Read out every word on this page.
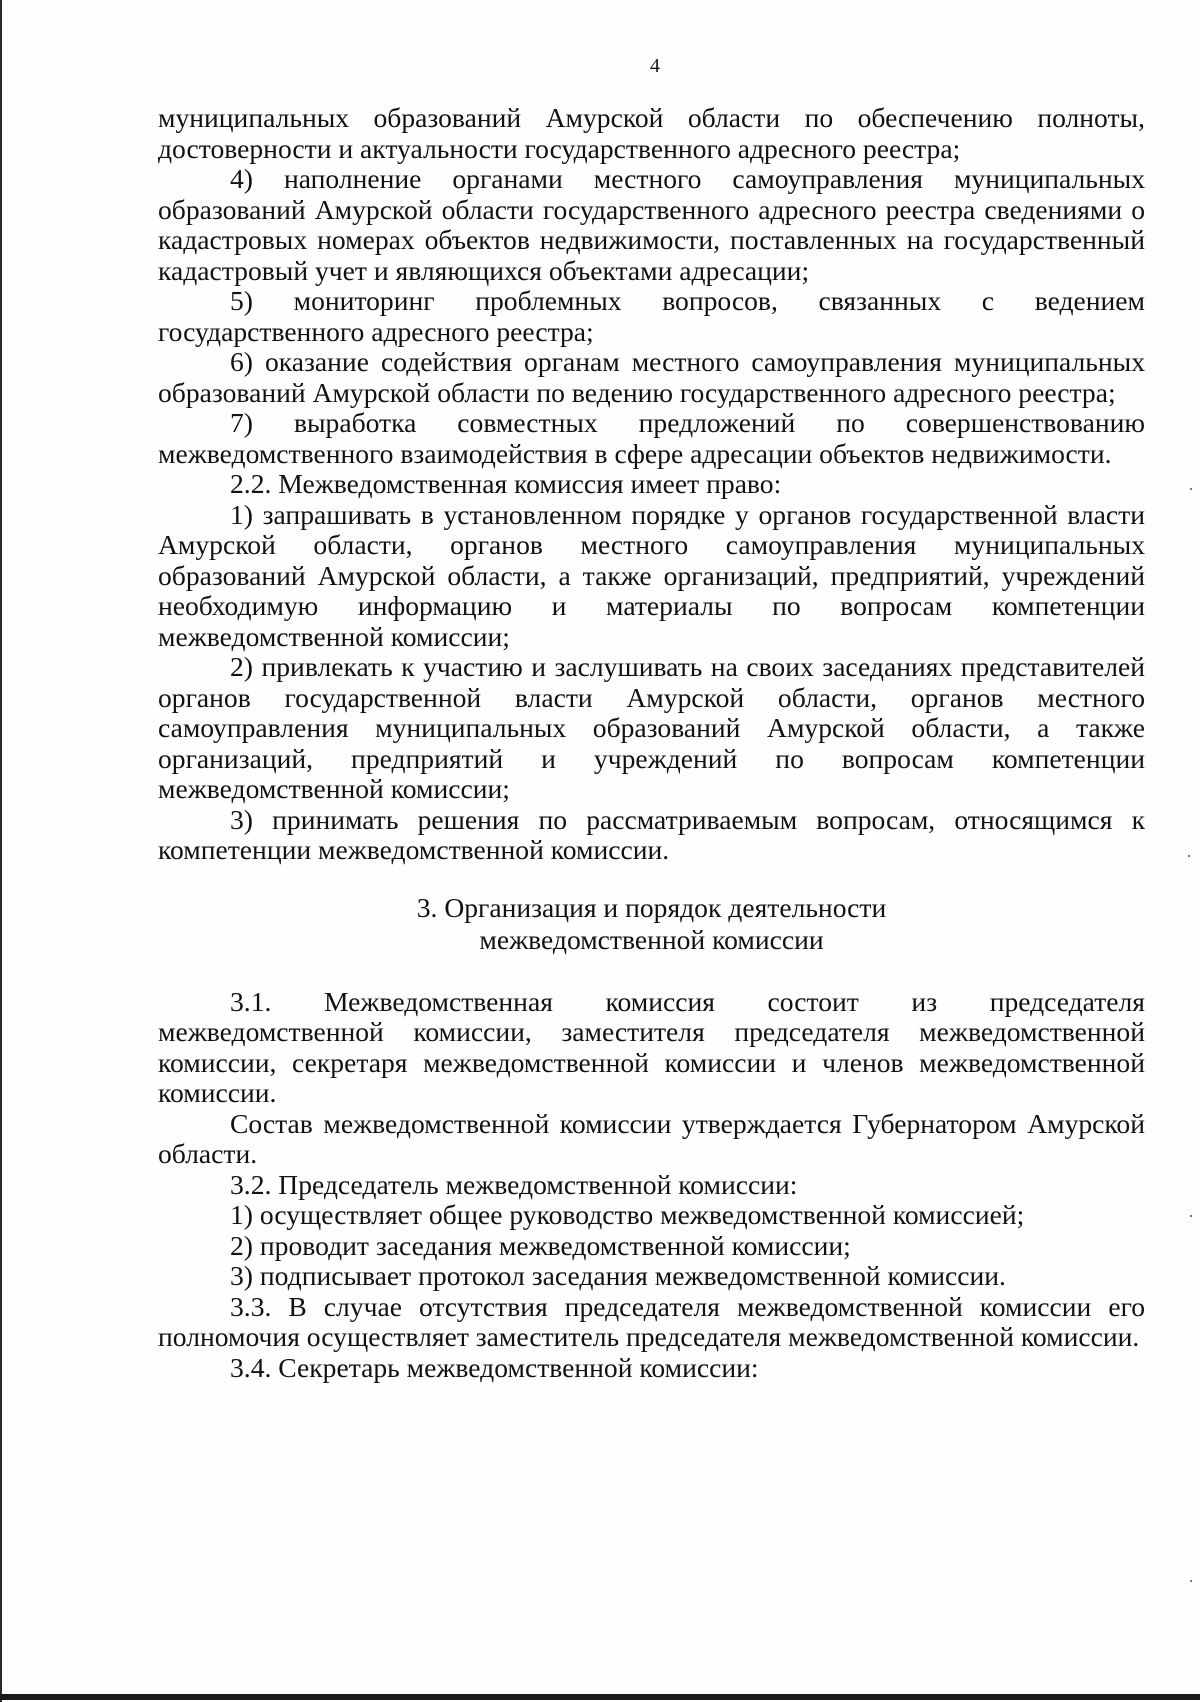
4

муниципальных образований Амурской области по обеспечению полноты, достоверности и актуальности государственного адресного реестра;

4) наполнение органами местного самоуправления муниципальных образований Амурской области государственного адресного реестра сведениями о кадастровых номерах объектов недвижимости, поставленных на государственный кадастровый учет и являющихся объектами адресации;

5) мониторинг проблемных вопросов, связанных с ведением государственного адресного реестра;

6) оказание содействия органам местного самоуправления муниципальных образований Амурской области по ведению государственного адресного реестра;

7) выработка совместных предложений по совершенствованию межведомственного взаимодействия в сфере адресации объектов недвижимости.

2.2. Межведомственная комиссия имеет право:

1) запрашивать в установленном порядке у органов государственной власти Амурской области, органов местного самоуправления муниципальных образований Амурской области, а также организаций, предприятий, учреждений необходимую информацию и материалы по вопросам компетенции межведомственной комиссии;

2) привлекать к участию и заслушивать на своих заседаниях представителей органов государственной власти Амурской области, органов местного самоуправления муниципальных образований Амурской области, а также организаций, предприятий и учреждений по вопросам компетенции межведомственной комиссии;

3) принимать решения по рассматриваемым вопросам, относящимся к компетенции межведомственной комиссии.

3. Организация и порядок деятельности
межведомственной комиссии

3.1. Межведомственная комиссия состоит из председателя межведомственной комиссии, заместителя председателя межведомственной комиссии, секретаря межведомственной комиссии и членов межведомственной комиссии.

Состав межведомственной комиссии утверждается Губернатором Амурской области.

3.2. Председатель межведомственной комиссии:

1) осуществляет общее руководство межведомственной комиссией;

2) проводит заседания межведомственной комиссии;

3) подписывает протокол заседания межведомственной комиссии.

3.3. В случае отсутствия председателя межведомственной комиссии его полномочия осуществляет заместитель председателя межведомственной комиссии.

3.4. Секретарь межведомственной комиссии:
